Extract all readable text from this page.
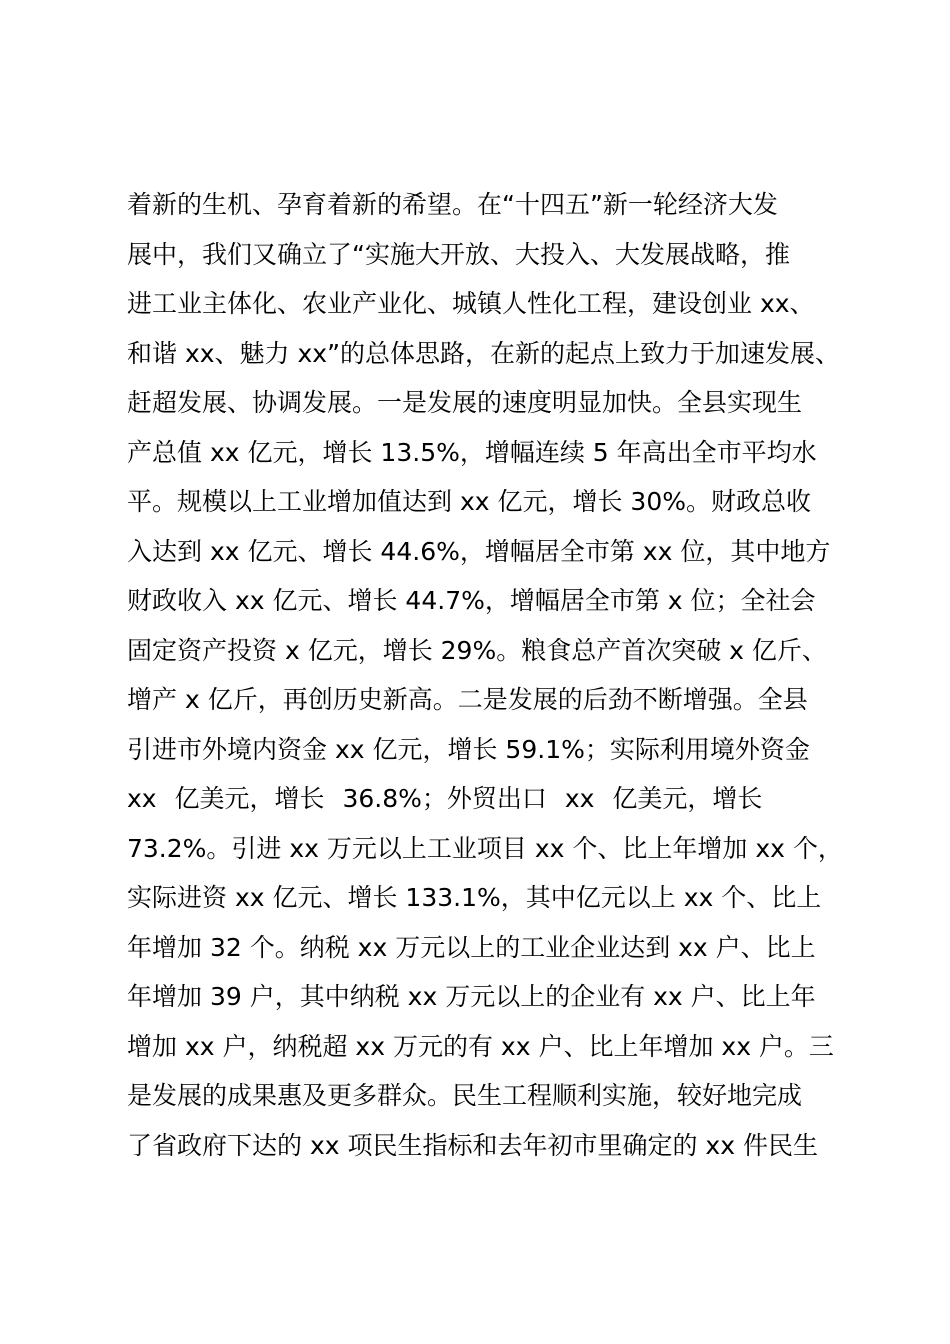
着新的生机、孕育着新的希望。在“十四五”新一轮经济大发
展中，我们又确立了“实施大开放、大投入、大发展战略，推
进工业主体化、农业产业化、城镇人性化工程，建设创业 xx、
和谐 xx、魅力 xx”的总体思路，在新的起点上致力于加速发展、
赶超发展、协调发展。一是发展的速度明显加快。全县实现生
产总值 xx 亿元，增长 13.5%，增幅连续 5 年高出全市平均水
平。规模以上工业增加值达到 xx 亿元，增长 30%。财政总收
入达到 xx 亿元、增长 44.6%，增幅居全市第 xx 位，其中地方
财政收入 xx 亿元、增长 44.7%，增幅居全市第 x 位；全社会
固定资产投资 x 亿元，增长 29%。粮食总产首次突破 x 亿斤、
增产 x 亿斤，再创历史新高。二是发展的后劲不断增强。全县
引进市外境内资金 xx 亿元，增长 59.1%；实际利用境外资金
xx 亿美元，增长 36.8%；外贸出口 xx 亿美元，增长
73.2%。引进 xx 万元以上工业项目 xx 个、比上年增加 xx 个，
实际进资 xx 亿元、增长 133.1%，其中亿元以上 xx 个、比上
年增加 32 个。纳税 xx 万元以上的工业企业达到 xx 户、比上
年增加 39 户，其中纳税 xx 万元以上的企业有 xx 户、比上年
增加 xx 户，纳税超 xx 万元的有 xx 户、比上年增加 xx 户。三
是发展的成果惠及更多群众。民生工程顺利实施，较好地完成
了省政府下达的 xx 项民生指标和去年初市里确定的 xx 件民生
